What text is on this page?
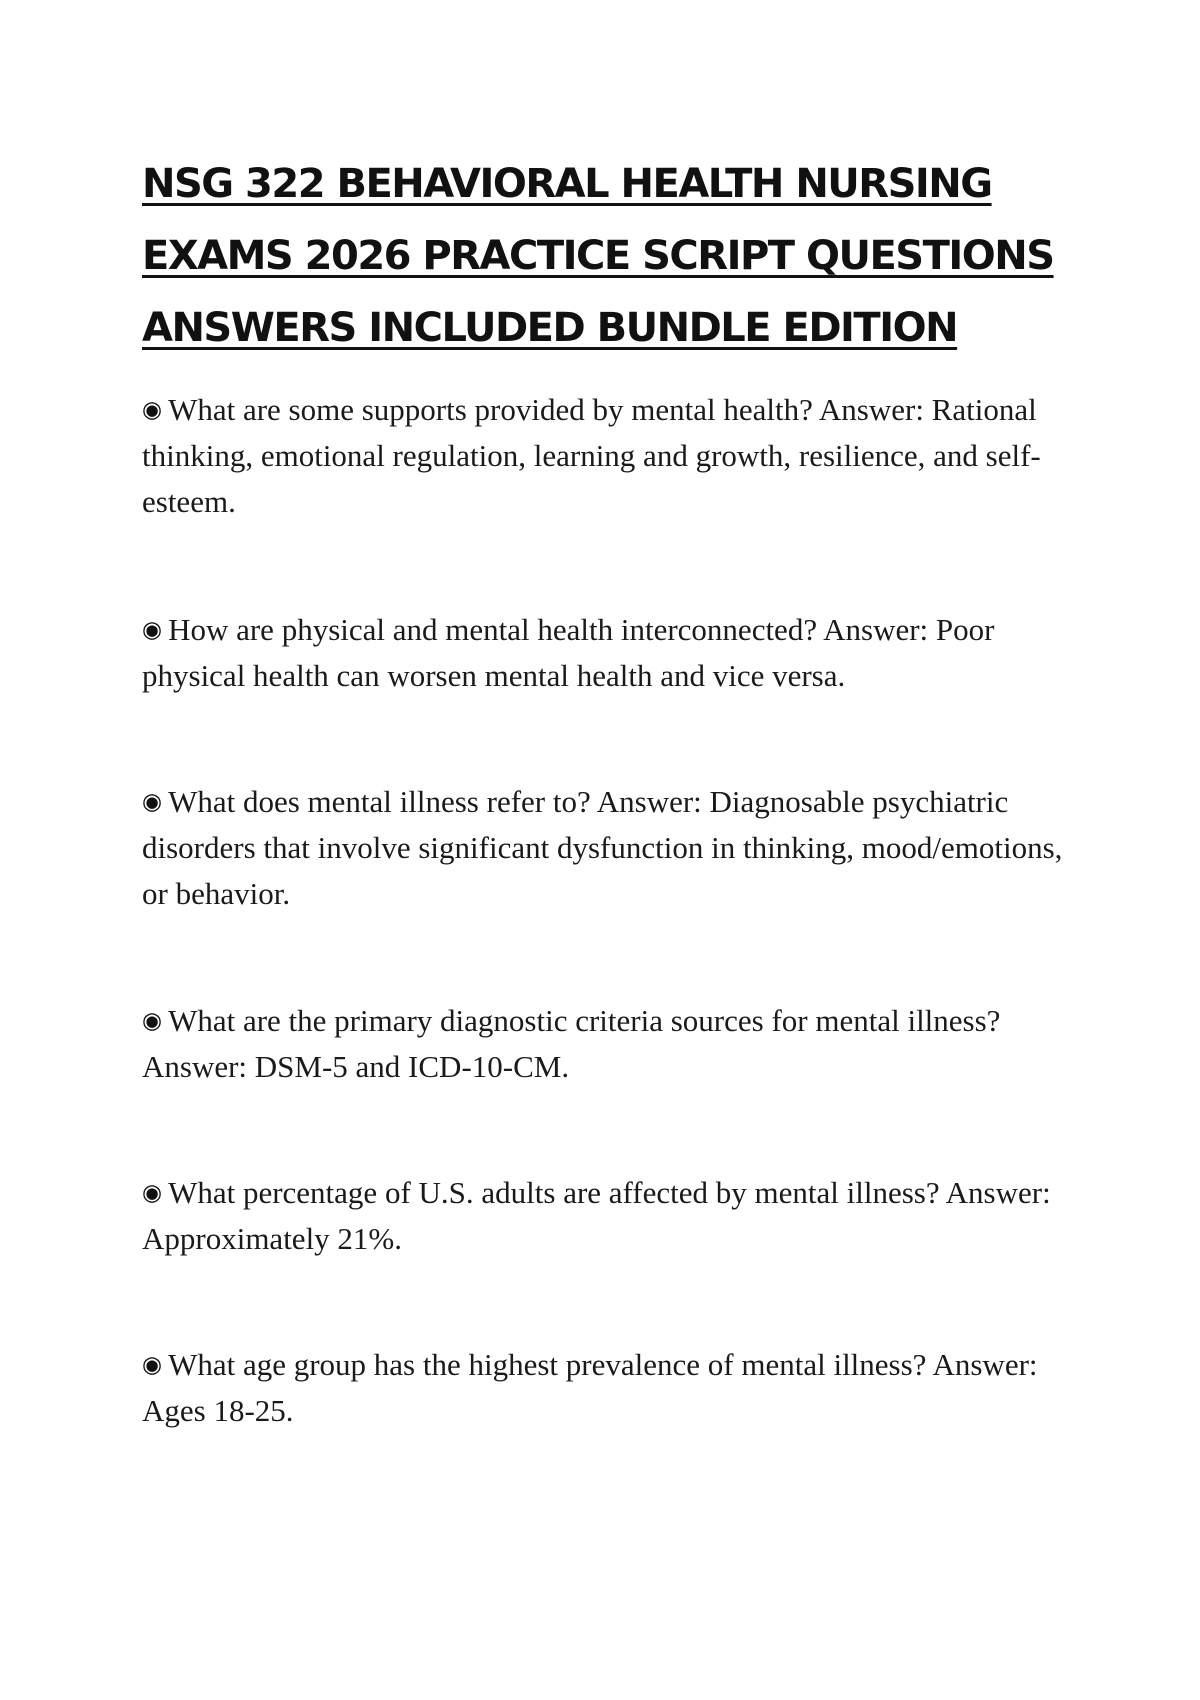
NSG 322 BEHAVIORAL HEALTH NURSING
EXAMS 2026 PRACTICE SCRIPT QUESTIONS
ANSWERS INCLUDED BUNDLE EDITION

◉ What are some supports provided by mental health? Answer: Rational thinking, emotional regulation, learning and growth, resilience, and self-esteem.

◉ How are physical and mental health interconnected? Answer: Poor physical health can worsen mental health and vice versa.

◉ What does mental illness refer to? Answer: Diagnosable psychiatric disorders that involve significant dysfunction in thinking, mood/emotions, or behavior.

◉ What are the primary diagnostic criteria sources for mental illness? Answer: DSM-5 and ICD-10-CM.

◉ What percentage of U.S. adults are affected by mental illness? Answer: Approximately 21%.

◉ What age group has the highest prevalence of mental illness? Answer: Ages 18-25.
